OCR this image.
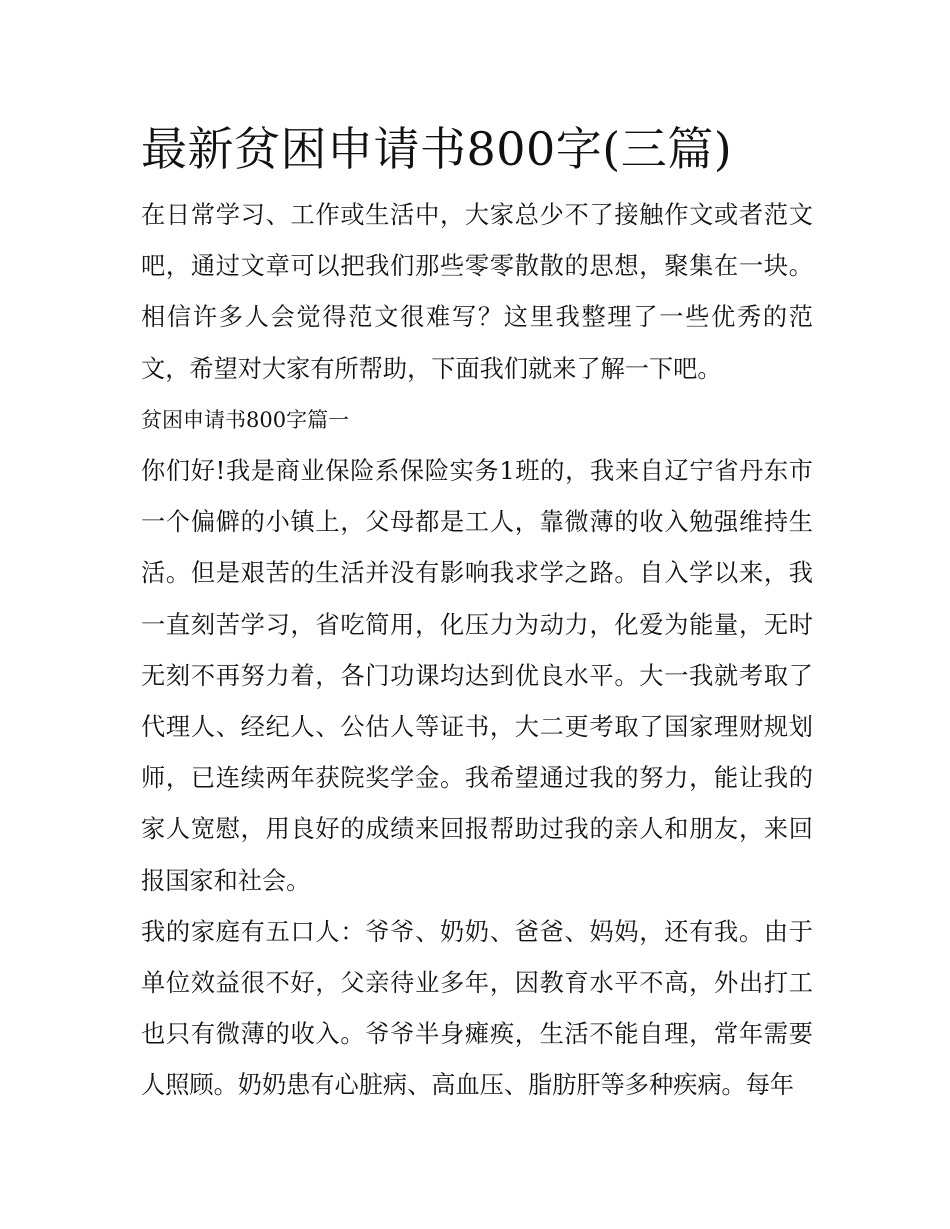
最新贫困申请书800字(三篇)

在日常学习、工作或生活中，大家总少不了接触作文或者范文吧，通过文章可以把我们那些零零散散的思想，聚集在一块。相信许多人会觉得范文很难写？这里我整理了一些优秀的范文，希望对大家有所帮助，下面我们就来了解一下吧。

贫困申请书800字篇一

你们好!我是商业保险系保险实务1班的，我来自辽宁省丹东市一个偏僻的小镇上，父母都是工人，靠微薄的收入勉强维持生活。但是艰苦的生活并没有影响我求学之路。自入学以来，我一直刻苦学习，省吃简用，化压力为动力，化爱为能量，无时无刻不再努力着，各门功课均达到优良水平。大一我就考取了代理人、经纪人、公估人等证书，大二更考取了国家理财规划师，已连续两年获院奖学金。我希望通过我的努力，能让我的家人宽慰，用良好的成绩来回报帮助过我的亲人和朋友，来回报国家和社会。

我的家庭有五口人：爷爷、奶奶、爸爸、妈妈，还有我。由于单位效益很不好，父亲待业多年，因教育水平不高，外出打工也只有微薄的收入。爷爷半身瘫痪，生活不能自理，常年需要人照顾。奶奶患有心脏病、高血压、脂肪肝等多种疾病。每年
